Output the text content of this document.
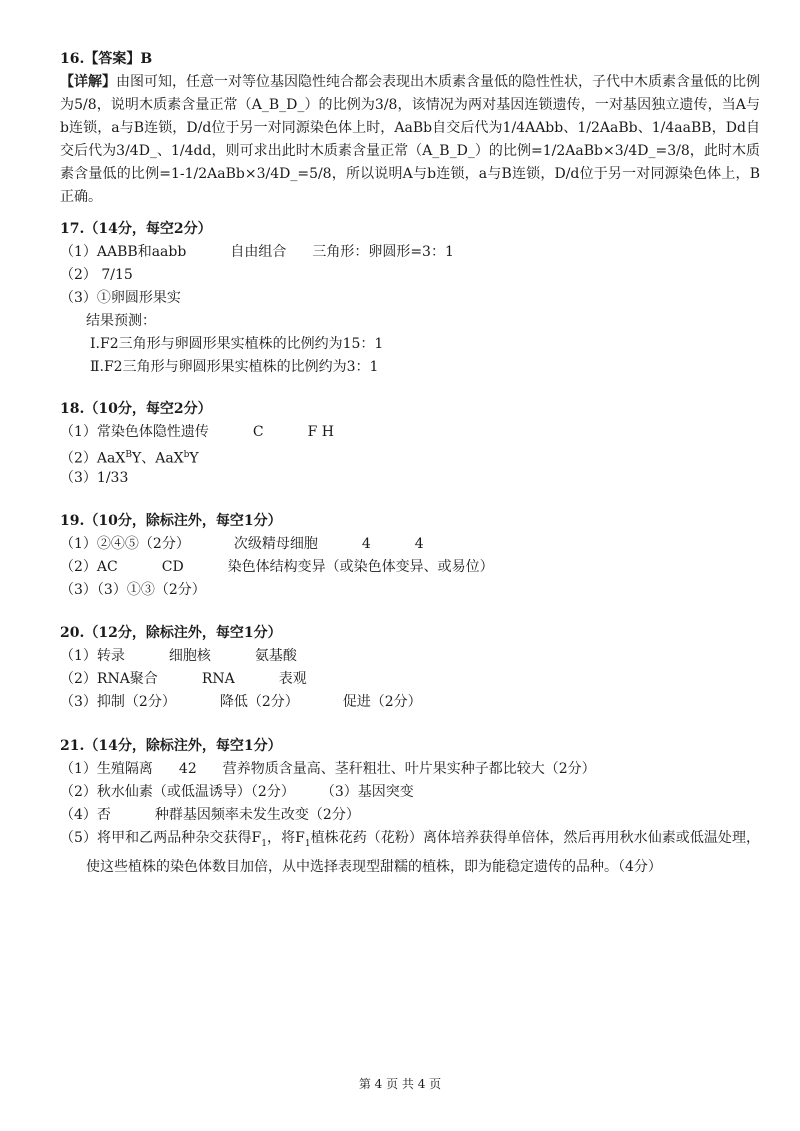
16.【答案】B
【详解】由图可知，任意一对等位基因隐性纯合都会表现出木质素含量低的隐性性状，子代中木质素含量低的比例为5/8，说明木质素含量正常（A_B_D_）的比例为3/8，该情况为两对基因连锁遗传，一对基因独立遗传，当A与b连锁，a与B连锁，D/d位于另一对同源染色体上时，AaBb自交后代为1/4AAbb、1/2AaBb、1/4aaBB，Dd自交后代为3/4D_、1/4dd，则可求出此时木质素含量正常（A_B_D_）的比例=1/2AaBb×3/4D_=3/8，此时木质素含量低的比例=1-1/2AaBb×3/4D_=5/8，所以说明A与b连锁，a与B连锁，D/d位于另一对同源染色体上，B正确。
17.（14分，每空2分）
（1）AABB和aabb	自由组合 三角形：卵圆形=3：1
（2） 7/15
（3）①卵圆形果实
结果预测：
Ⅰ.F2三角形与卵圆形果实植株的比例约为15：1
Ⅱ.F2三角形与卵圆形果实植株的比例约为3：1
18.（10分，每空2分）
（1）常染色体隐性遗传	C	F H
（2）AaX$^B$Y、AaX$^b$Y
（3）1/33
19.（10分，除标注外，每空1分）
（1）②④⑤（2分）	次级精母细胞	4	4
（2）AC	CD	染色体结构变异（或染色体变异、或易位）
（3）（3）①③（2分）
20.（12分，除标注外，每空1分）
（1）转录	细胞核	氨基酸
（2）RNA聚合	RNA	表观
（3）抑制（2分）	降低（2分）	促进（2分）
21.（14分，除标注外，每空1分）
（1）生殖隔离 42 营养物质含量高、茎秆粗壮、叶片果实种子都比较大（2分）
（2）秋水仙素（或低温诱导）（2分） （3）基因突变
（4）否	种群基因频率未发生改变（2分）
（5）将甲和乙两品种杂交获得$F_1$，将$F_1$植株花药（花粉）离体培养获得单倍体，然后再用秋水仙素或低温处理，使这些植株的染色体数目加倍，从中选择表现型甜糯的植株，即为能稳定遗传的品种。（4分）
第 4 页 共 4 页
